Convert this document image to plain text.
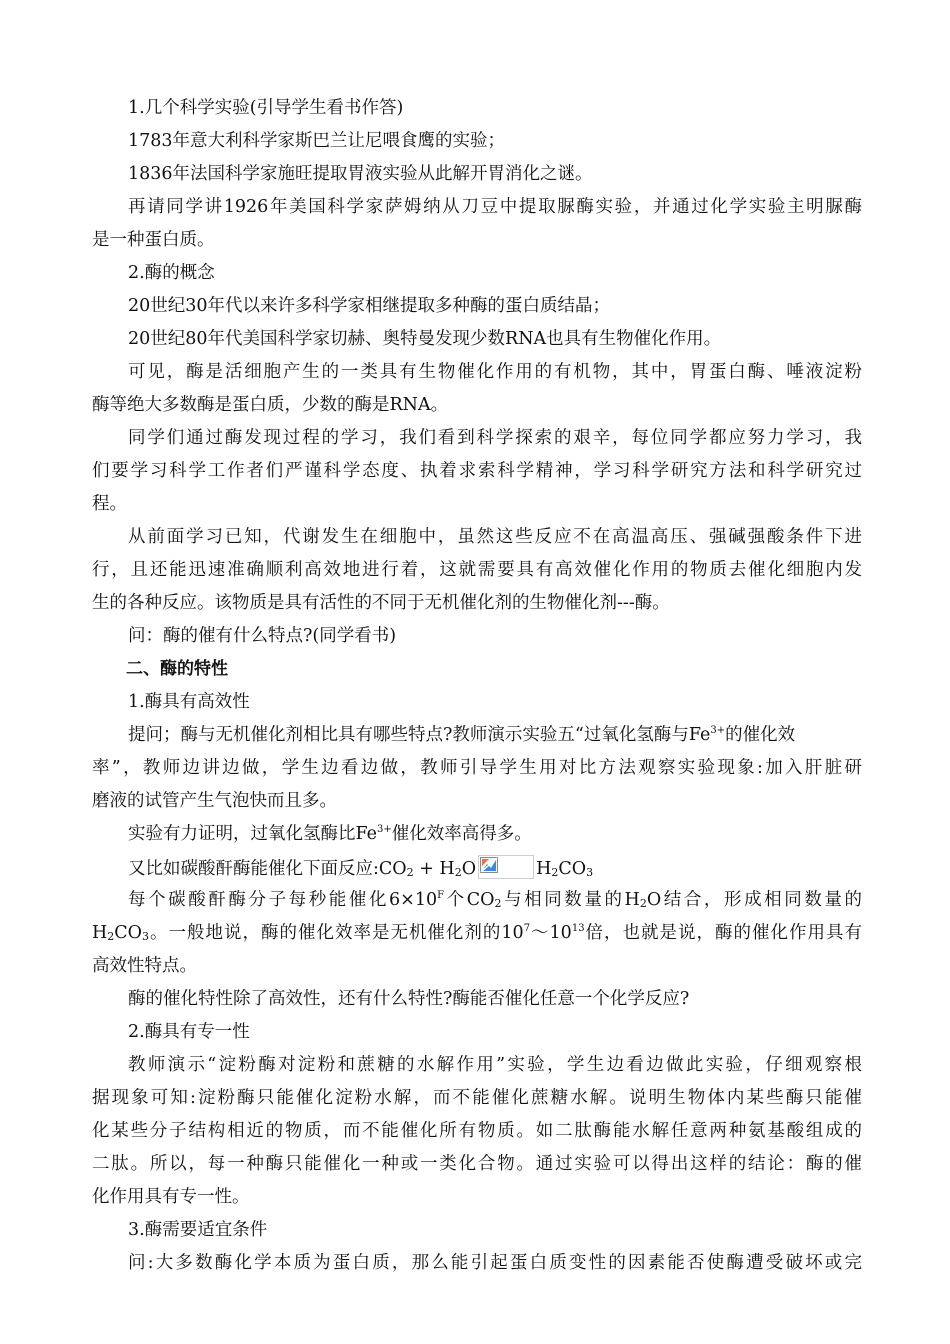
1.几个科学实验(引导学生看书作答)
1783年意大利科学家斯巴兰让尼喂食鹰的实验；
1836年法国科学家施旺提取胃液实验从此解开胃消化之谜。
再请同学讲1926年美国科学家萨姆纳从刀豆中提取脲酶实验，并通过化学实验主明脲酶
是一种蛋白质。
2.酶的概念
20世纪30年代以来许多科学家相继提取多种酶的蛋白质结晶；
20世纪80年代美国科学家切赫、奥特曼发现少数RNA也具有生物催化作用。
可见，酶是活细胞产生的一类具有生物催化作用的有机物，其中，胃蛋白酶、唾液淀粉
酶等绝大多数酶是蛋白质，少数的酶是RNA。
同学们通过酶发现过程的学习，我们看到科学探索的艰辛，每位同学都应努力学习，我
们要学习科学工作者们严谨科学态度、执着求索科学精神，学习科学研究方法和科学研究过
程。
从前面学习已知，代谢发生在细胞中，虽然这些反应不在高温高压、强碱强酸条件下进
行，且还能迅速准确顺利高效地进行着，这就需要具有高效催化作用的物质去催化细胞内发
生的各种反应。该物质是具有活性的不同于无机催化剂的生物催化剂---酶。
问：酶的催有什么特点?(同学看书)
二、酶的特性
1.酶具有高效性
提问；酶与无机催化剂相比具有哪些特点?教师演示实验五“过氧化氢酶与$Fe^{3+}$的催化效
率”，教师边讲边做，学生边看边做，教师引导学生用对比方法观察实验现象:加入肝脏研
磨液的试管产生气泡快而且多。
实验有力证明，过氧化氢酶比$Fe^{3+}$催化效率高得多。
又比如碳酸酐酶能催化下面反应$:CO_2 + H_2O$	$H_2CO_3$
每个碳酸酐酶分子每秒能催化$6\times 10^F$个$CO_2$与相同数量的$H_2O$结合，形成相同数量的
$H_2CO_3$。一般地说，酶的催化效率是无机催化剂的$10^7\sim 10^{13}$倍，也就是说，酶的催化作用具有
高效性特点。
酶的催化特性除了高效性，还有什么特性?酶能否催化任意一个化学反应?
2.酶具有专一性
教师演示“淀粉酶对淀粉和蔗糖的水解作用”实验，学生边看边做此实验，仔细观察根
据现象可知:淀粉酶只能催化淀粉水解，而不能催化蔗糖水解。说明生物体内某些酶只能催
化某些分子结构相近的物质，而不能催化所有物质。如二肽酶能水解任意两种氨基酸组成的
二肽。所以，每一种酶只能催化一种或一类化合物。通过实验可以得出这样的结论：酶的催
化作用具有专一性。
3.酶需要适宜条件
问:大多数酶化学本质为蛋白质，那么能引起蛋白质变性的因素能否使酶遭受破坏或完
